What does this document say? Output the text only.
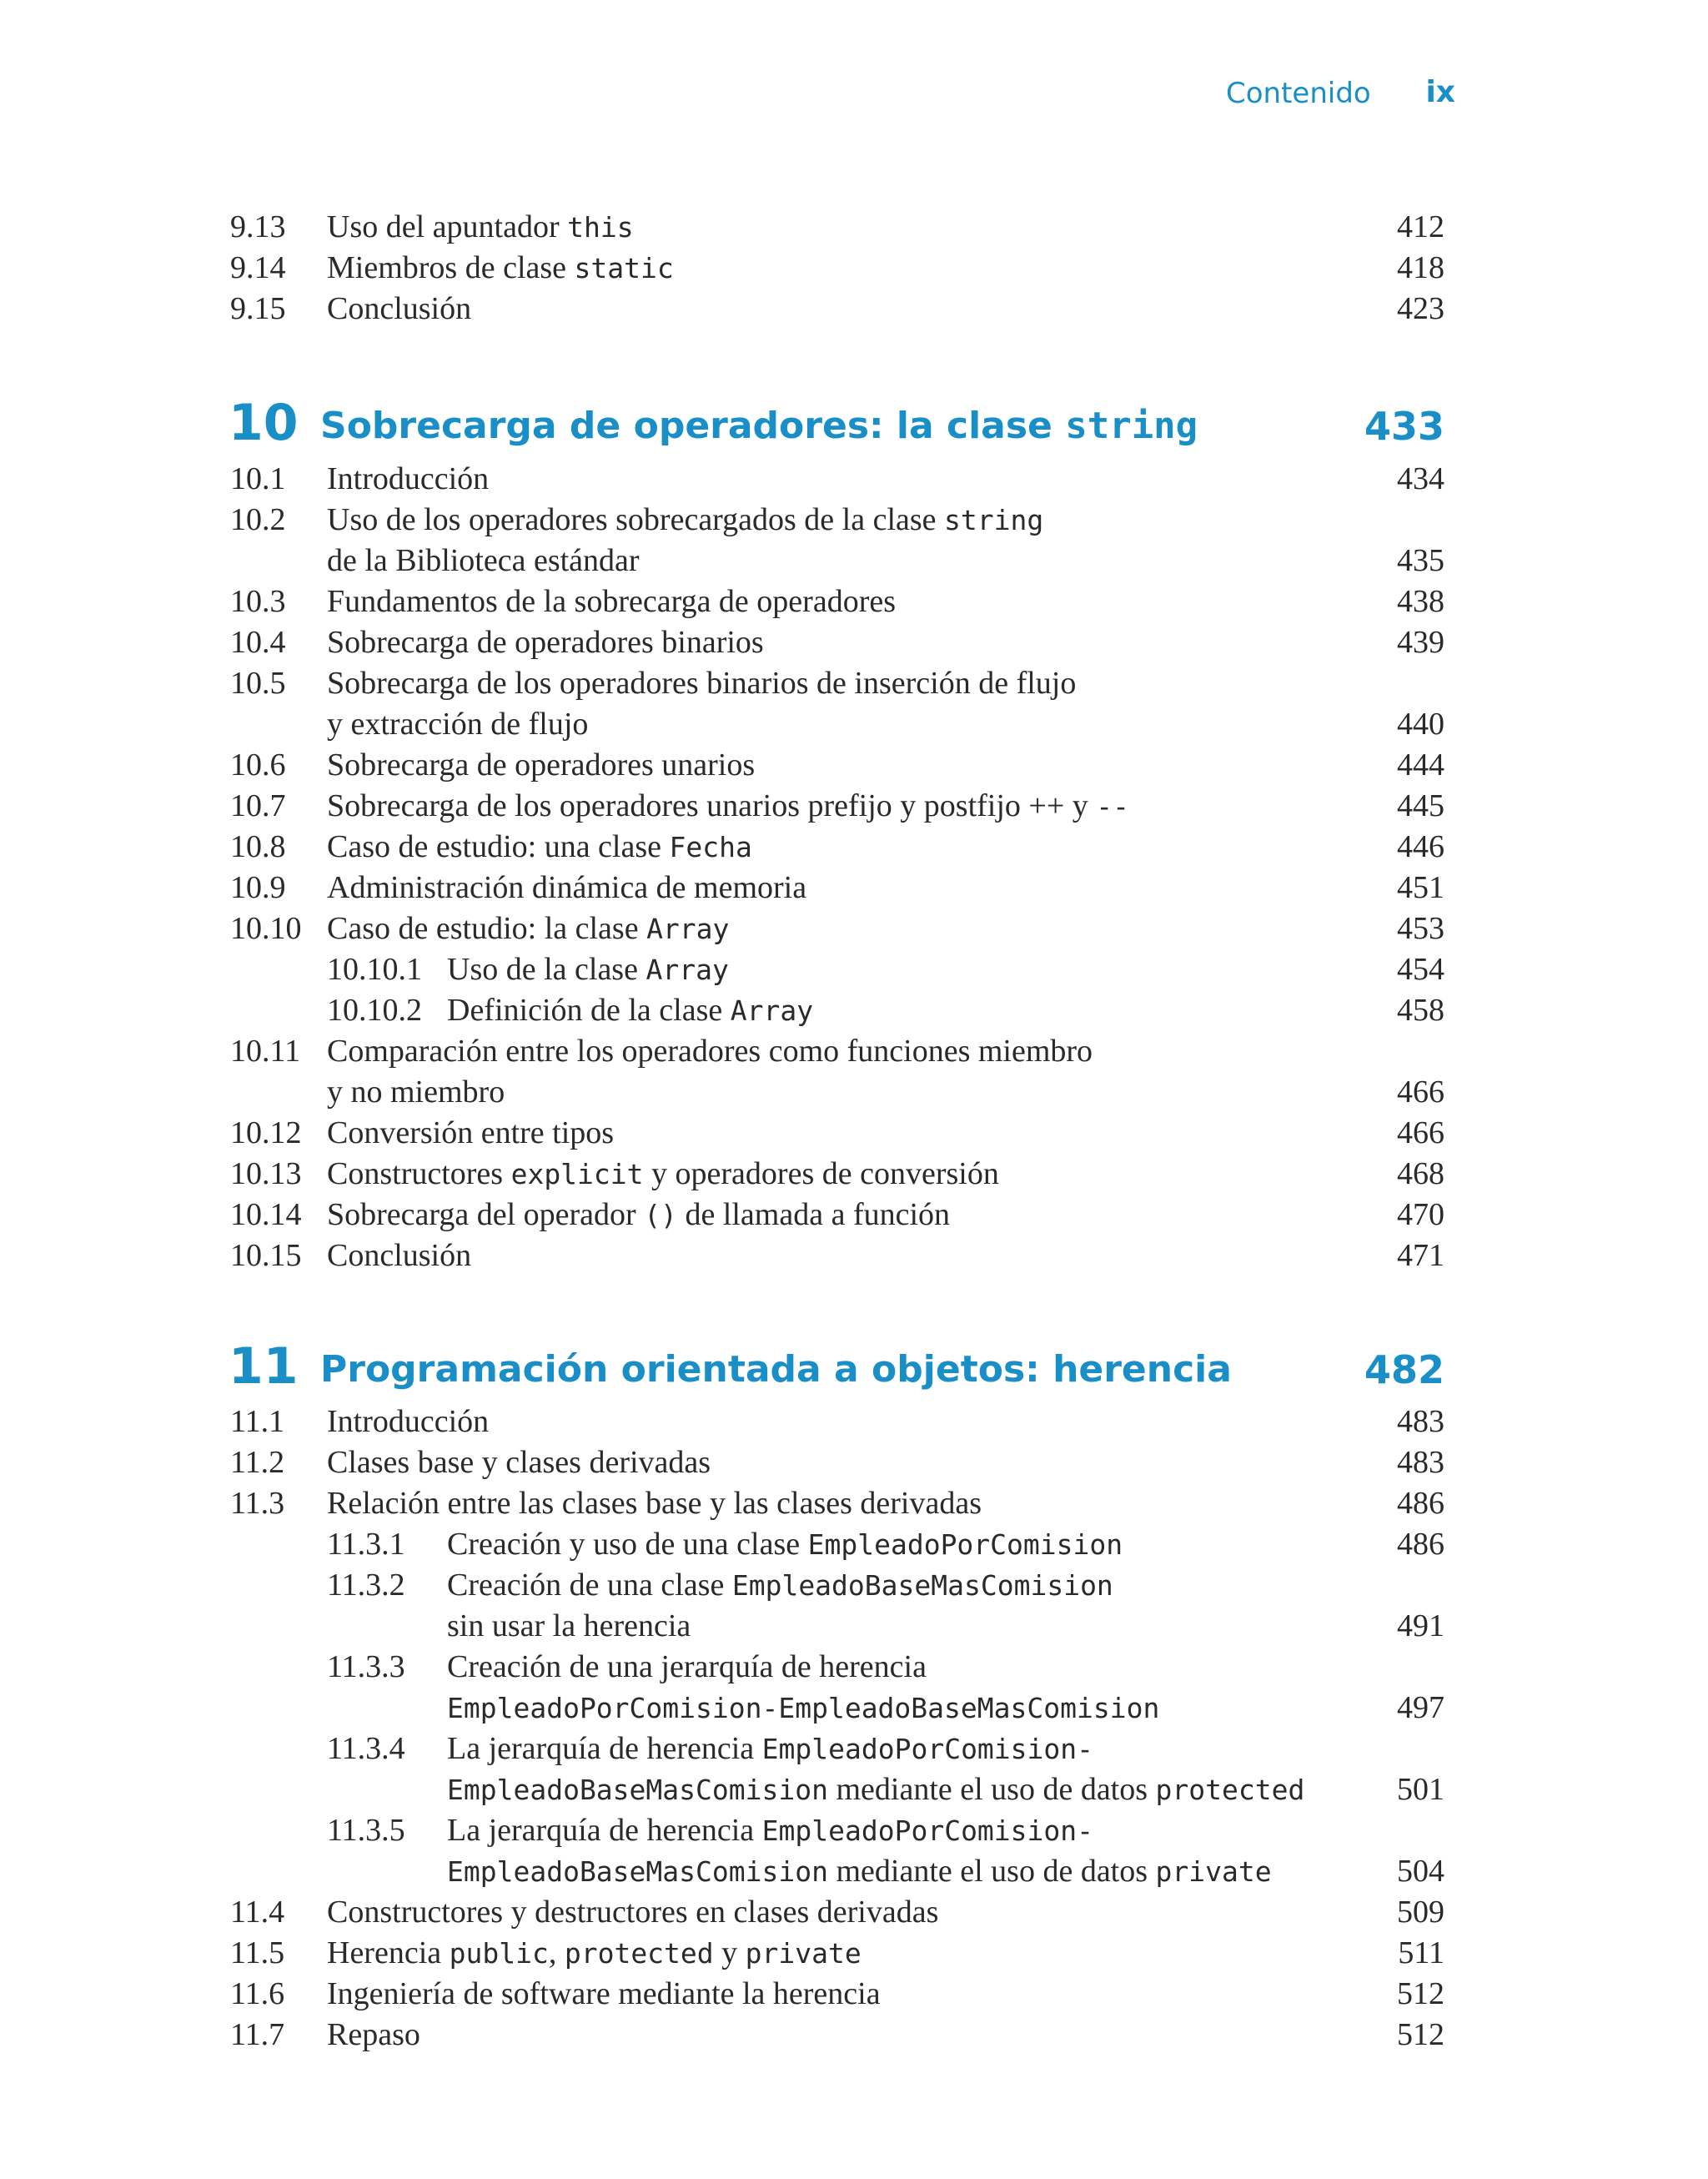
Contenido ix
9.13 Uso del apuntador this	412
9.14 Miembros de clase static	418
9.15 Conclusión	423
10 Sobrecarga de operadores: la clase string	433
10.1 Introducción	434
10.2 Uso de los operadores sobrecargados de la clase string
de la Biblioteca estándar	435
10.3 Fundamentos de la sobrecarga de operadores	438
10.4 Sobrecarga de operadores binarios	439
10.5 Sobrecarga de los operadores binarios de inserción de flujo
y extracción de flujo	440
10.6 Sobrecarga de operadores unarios	444
10.7 Sobrecarga de los operadores unarios prefijo y postfijo ++ y --	445
10.8 Caso de estudio: una clase Fecha	446
10.9 Administración dinámica de memoria	451
10.10 Caso de estudio: la clase Array	453
10.10.1 Uso de la clase Array	454
10.10.2 Definición de la clase Array	458
10.11 Comparación entre los operadores como funciones miembro
y no miembro	466
10.12 Conversión entre tipos	466
10.13 Constructores explicit y operadores de conversión	468
10.14 Sobrecarga del operador () de llamada a función	470
10.15 Conclusión	471
11 Programación orientada a objetos: herencia	482
11.1 Introducción	483
11.2 Clases base y clases derivadas	483
11.3 Relación entre las clases base y las clases derivadas	486
11.3.1 Creación y uso de una clase EmpleadoPorComision	486
11.3.2 Creación de una clase EmpleadoBaseMasComision
sin usar la herencia	491
11.3.3 Creación de una jerarquía de herencia
EmpleadoPorComision-EmpleadoBaseMasComision	497
11.3.4 La jerarquía de herencia EmpleadoPorComision-
EmpleadoBaseMasComision mediante el uso de datos protected	501
11.3.5 La jerarquía de herencia EmpleadoPorComision-
EmpleadoBaseMasComision mediante el uso de datos private	504
11.4 Constructores y destructores en clases derivadas	509
11.5 Herencia public, protected y private	511
11.6 Ingeniería de software mediante la herencia	512
11.7 Repaso	512
